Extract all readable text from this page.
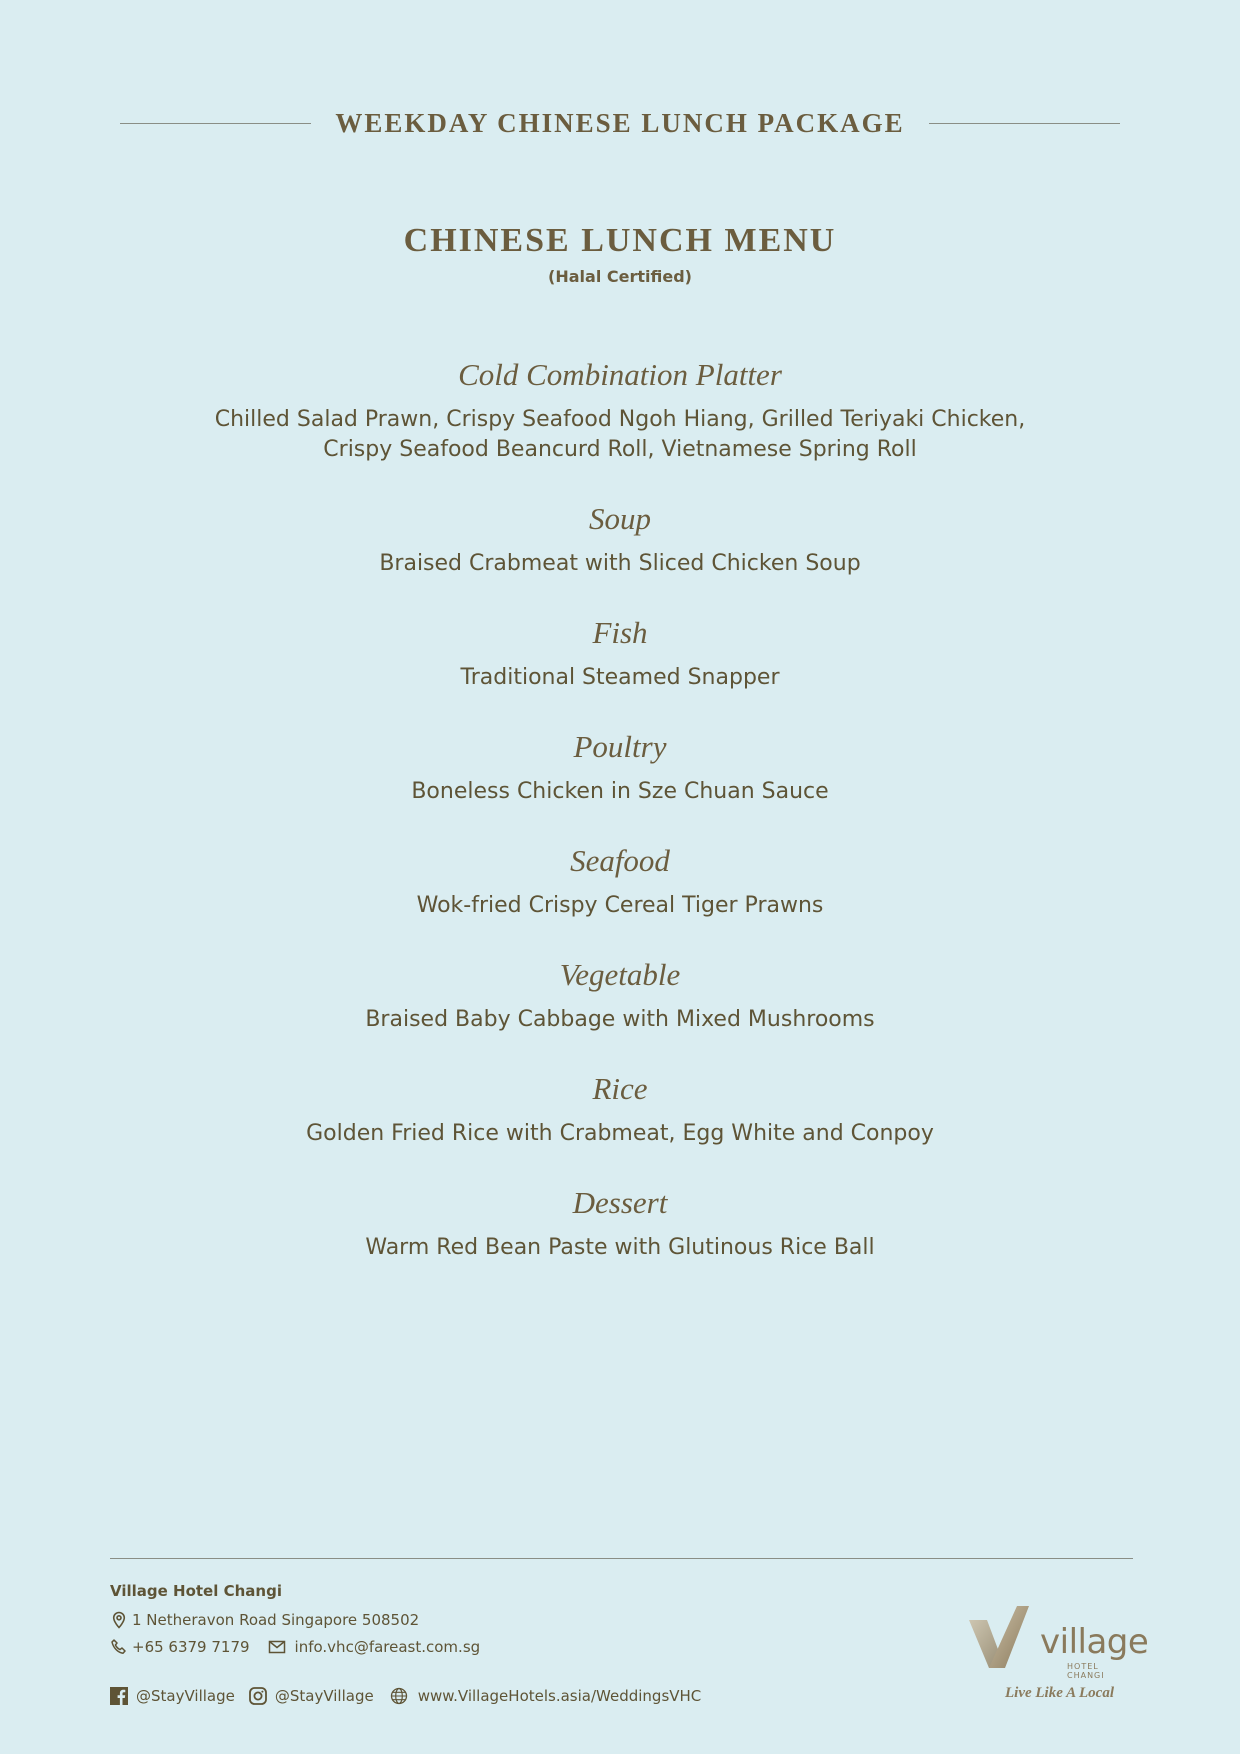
WEEKDAY CHINESE LUNCH PACKAGE
CHINESE LUNCH MENU
(Halal Certified)

Cold Combination Platter

Chilled Salad Prawn, Crispy Seafood Ngoh Hiang, Grilled Teriyaki Chicken,
Crispy Seafood Beancurd Roll, Vietnamese Spring Roll

Soup

Braised Crabmeat with Sliced Chicken Soup

Fish

Traditional Steamed Snapper

Poultry

Boneless Chicken in Sze Chuan Sauce

Seafood

Wok-fried Crispy Cereal Tiger Prawns

Vegetable

Braised Baby Cabbage with Mixed Mushrooms

Rice

Golden Fried Rice with Crabmeat, Egg White and Conpoy

Dessert

Warm Red Bean Paste with Glutinous Rice Ball

Village Hotel Changi
1 Netheravon Road Singapore 508502
+65 6379 7179	info.vhc@fareast.com.sg
@StayVillage	@StayVillage	www.VillageHotels.asia/WeddingsVHC
village
HOTEL CHANGI
Live Like A Local
